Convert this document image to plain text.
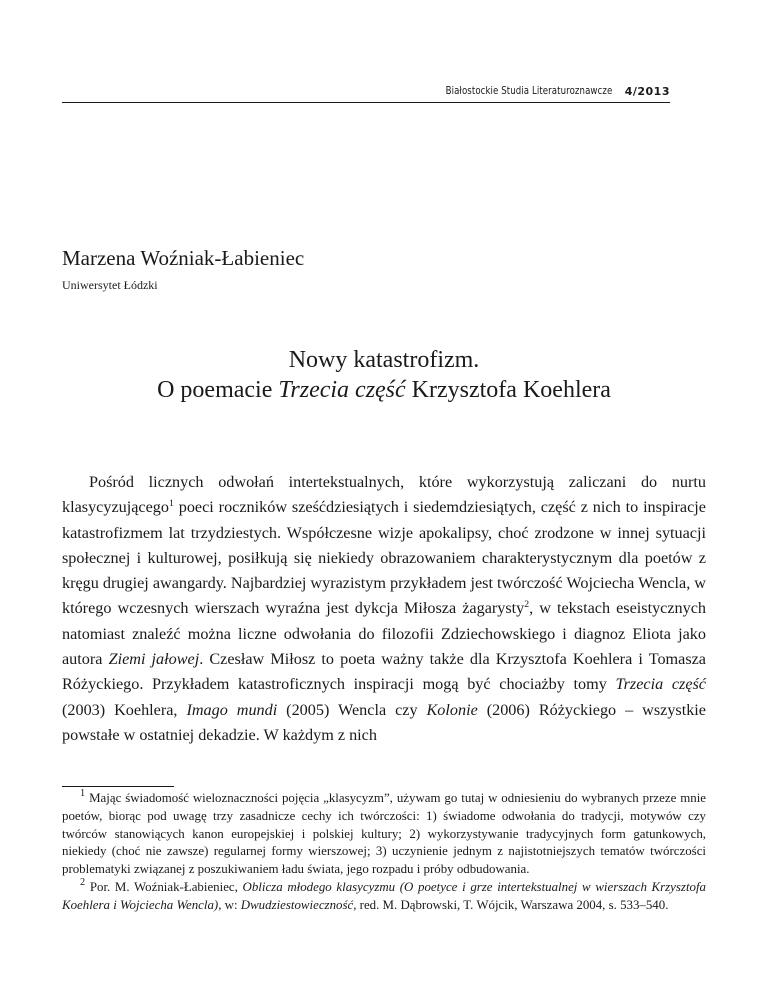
Białostockie Studia Literaturoznawcze 4/2013
Marzena Woźniak-Łabieniec
Uniwersytet Łódzki
Nowy katastrofizm.
O poemacie Trzecia część Krzysztofa Koehlera

Pośród licznych odwołań intertekstualnych, które wykorzystują zaliczani do nurtu klasycyzującego$^1$ poeci roczników sześćdziesiątych i siedemdziesiątych, część z nich to inspiracje katastrofizmem lat trzydziestych. Współczesne wizje apokalipsy, choć zrodzone w innej sytuacji społecznej i kulturowej, posiłkują się niekiedy obrazowaniem charakterystycznym dla poetów z kręgu drugiej awangardy. Najbardziej wyrazistym przykładem jest twórczość Wojciecha Wencla, w którego wczesnych wierszach wyraźna jest dykcja Miłosza żagarysty$^2$, w tekstach eseistycznych natomiast znaleźć można liczne odwołania do filozofii Zdziechowskiego i diagnoz Eliota jako autora Ziemi jałowej. Czesław Miłosz to poeta ważny także dla Krzysztofa Koehlera i Tomasza Różyckiego. Przykładem katastroficznych inspiracji mogą być chociażby tomy Trzecia część (2003) Koehlera, Imago mundi (2005) Wencla czy Kolonie (2006) Różyckiego – wszystkie powstałe w ostatniej dekadzie. W każdym z nich

$^1$ Mając świadomość wieloznaczności pojęcia „klasycyzm”, używam go tutaj w odniesieniu do wybranych przeze mnie poetów, biorąc pod uwagę trzy zasadnicze cechy ich twórczości: 1) świadome odwołania do tradycji, motywów czy twórców stanowiących kanon europejskiej i polskiej kultury; 2) wykorzystywanie tradycyjnych form gatunkowych, niekiedy (choć nie zawsze) regularnej formy wierszowej; 3) uczynienie jednym z najistotniejszych tematów twórczości problematyki związanej z poszukiwaniem ładu świata, jego rozpadu i próby odbudowania.

$^2$ Por. M. Woźniak-Łabieniec, Oblicza młodego klasycyzmu (O poetyce i grze intertekstualnej w wierszach Krzysztofa Koehlera i Wojciecha Wencla), w: Dwudziestowieczność, red. M. Dąbrowski, T. Wójcik, Warszawa 2004, s. 533–540.
